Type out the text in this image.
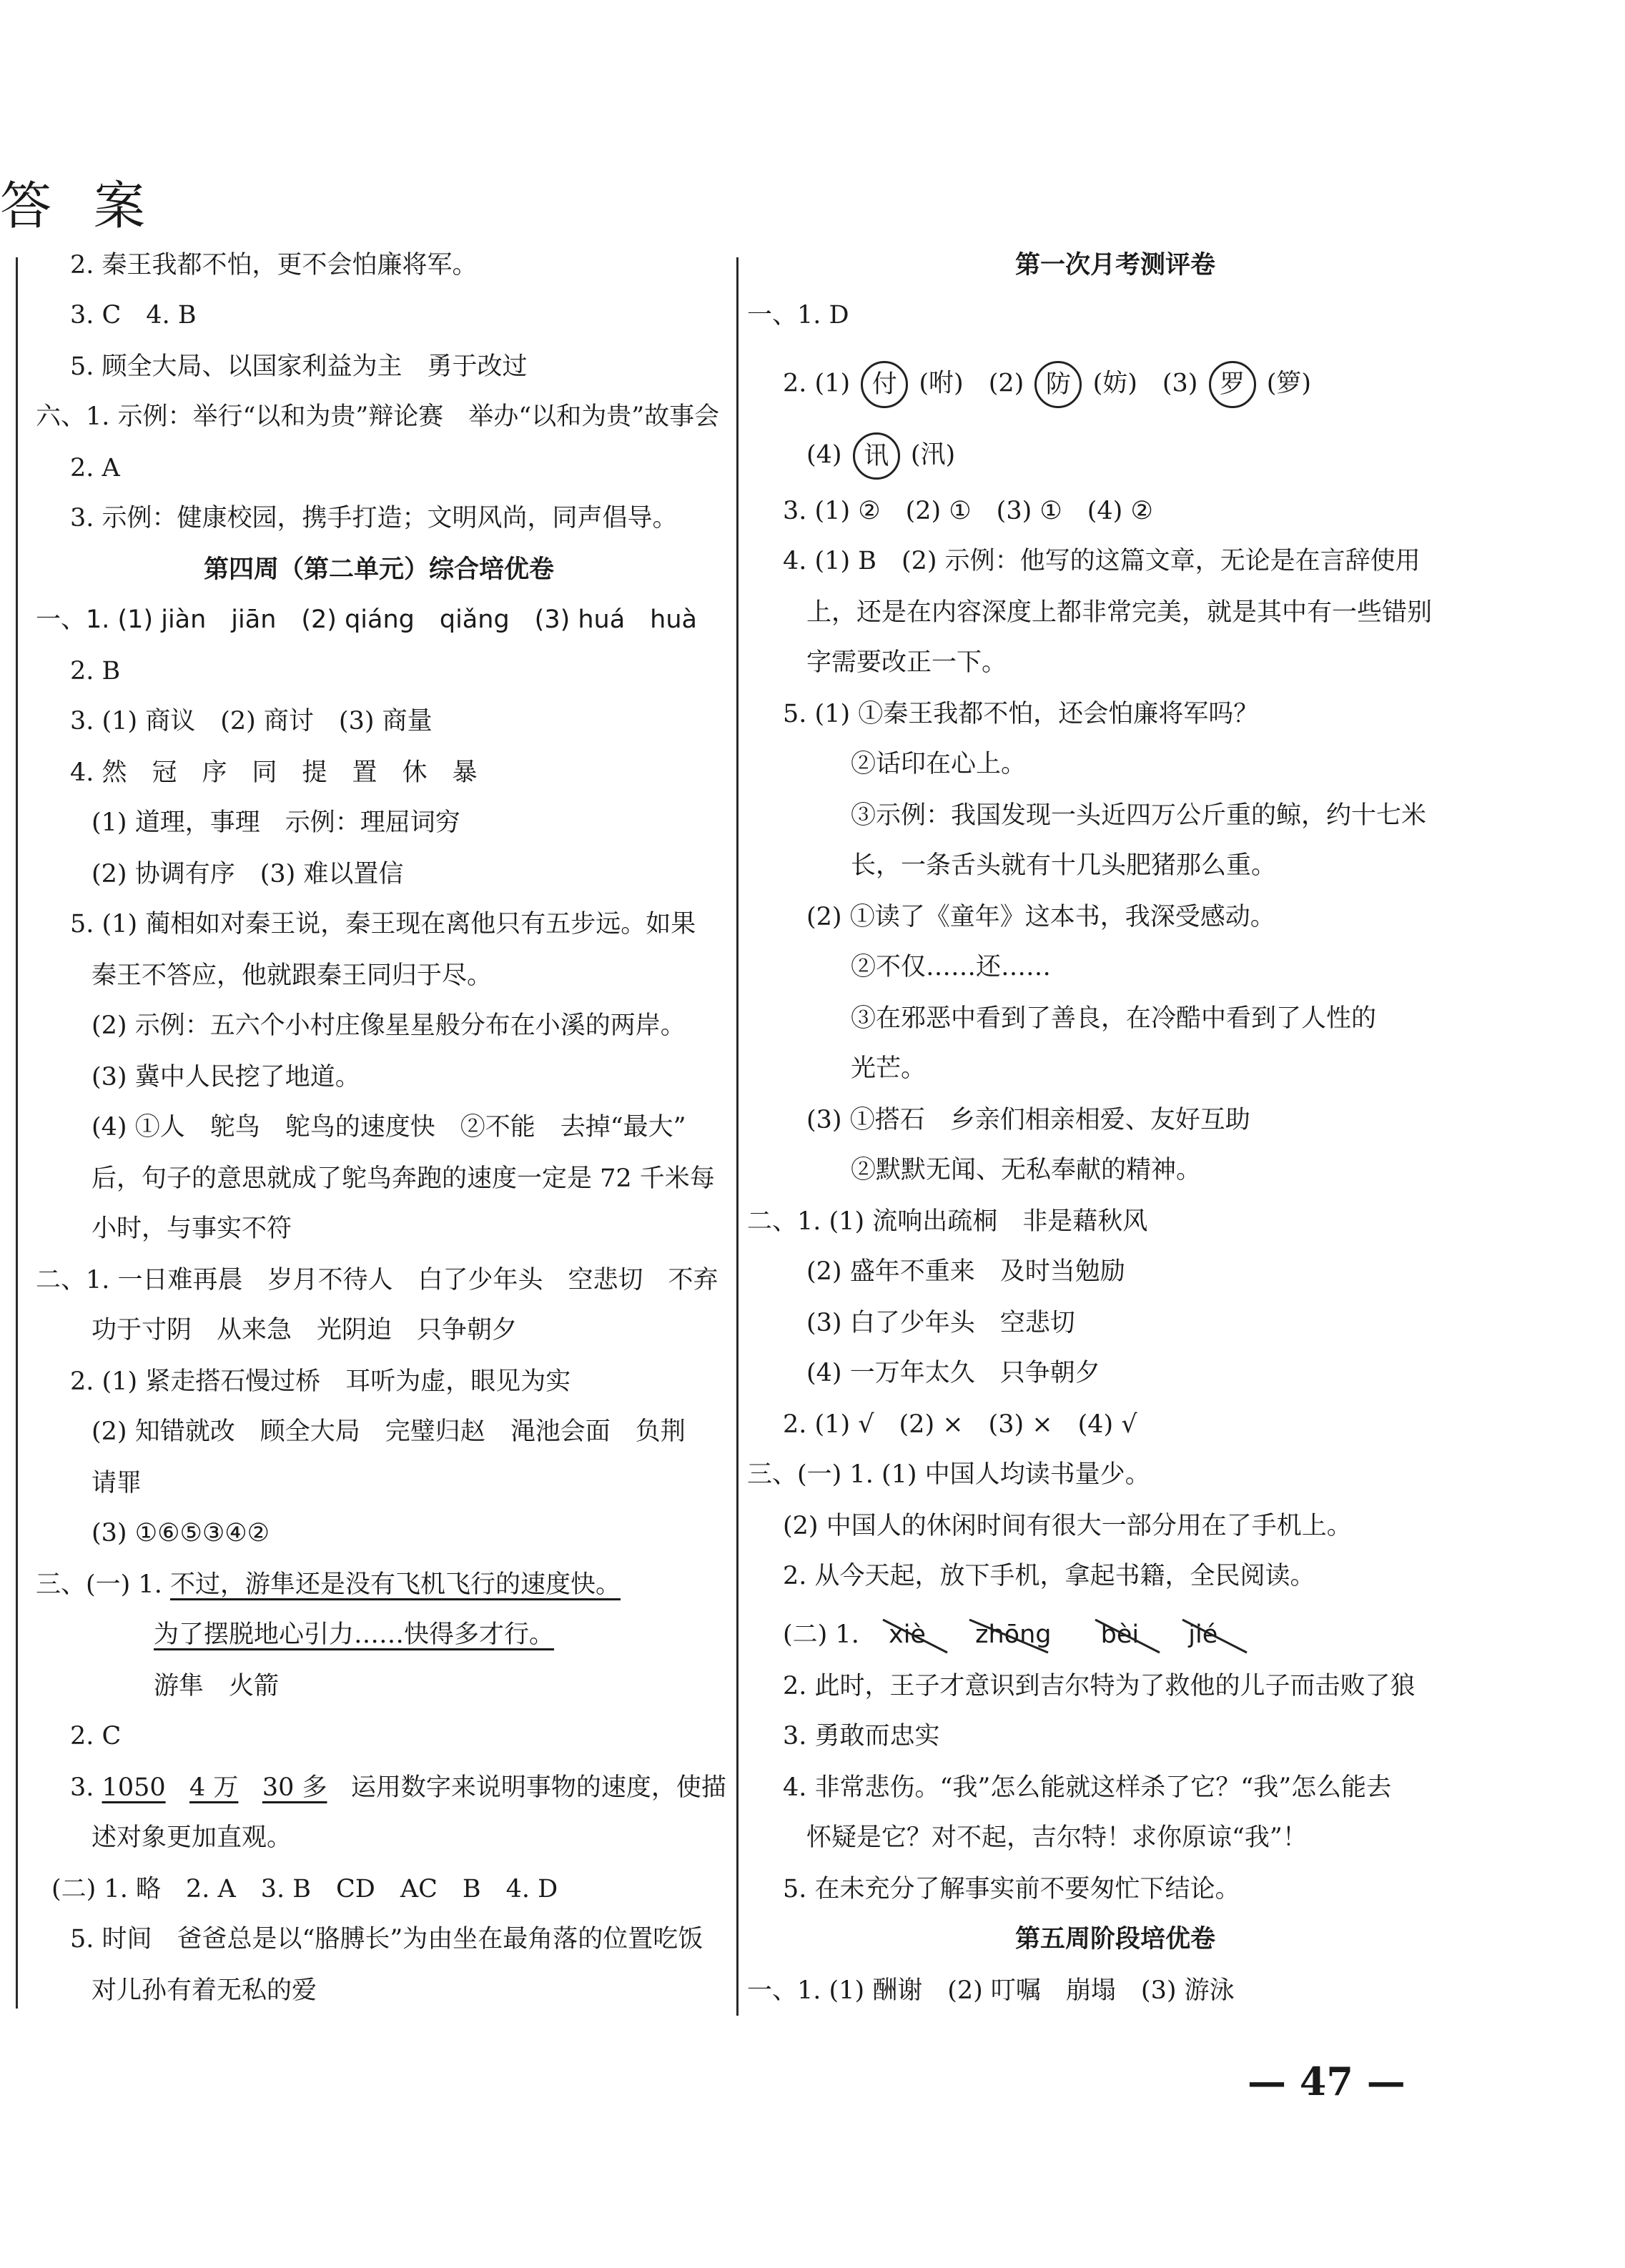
答 案
2. 秦王我都不怕，更不会怕廉将军。
3. C　4. B
5. 顾全大局、以国家利益为主　勇于改过
六、1. 示例：举行“以和为贵”辩论赛　举办“以和为贵”故事会
2. A
3. 示例：健康校园，携手打造；文明风尚，同声倡导。
第四周（第二单元）综合培优卷
一、1. (1) jiàn　jiān　(2) qiáng　qiǎng　(3) huá　huà
2. B
3. (1) 商议　(2) 商讨　(3) 商量
4. 然　冠　序　同　提　置　休　暴
(1) 道理，事理　示例：理屈词穷
(2) 协调有序　(3) 难以置信
5. (1) 蔺相如对秦王说，秦王现在离他只有五步远。如果
秦王不答应，他就跟秦王同归于尽。
(2) 示例：五六个小村庄像星星般分布在小溪的两岸。
(3) 冀中人民挖了地道。
(4) ①人　鸵鸟　鸵鸟的速度快　②不能　去掉“最大”
后，句子的意思就成了鸵鸟奔跑的速度一定是 72 千米每
小时，与事实不符
二、1. 一日难再晨　岁月不待人　白了少年头　空悲切　不弃
功于寸阴　从来急　光阴迫　只争朝夕
2. (1) 紧走搭石慢过桥　耳听为虚，眼见为实
(2) 知错就改　顾全大局　完璧归赵　渑池会面　负荆
请罪
(3) ①⑥⑤③④②
三、(一) 1. 不过，游隼还是没有飞机飞行的速度快。
为了摆脱地心引力……快得多才行。
游隼　火箭
2. C
3. 1050 4 万 30 多 运用数字来说明事物的速度，使描
述对象更加直观。
(二) 1. 略　2. A　3. B　CD　AC　B　4. D
5. 时间　爸爸总是以“胳膊长”为由坐在最角落的位置吃饭
对儿孙有着无私的爱
第一次月考测评卷
一、1. D
2. (1) 付 (咐)　(2) 防 (妨)　(3) 罗 (箩)
(4) 讯 (汛)
3. (1) ②　(2) ①　(3) ①　(4) ②
4. (1) B　(2) 示例：他写的这篇文章，无论是在言辞使用
上，还是在内容深度上都非常完美，就是其中有一些错别
字需要改正一下。
5. (1) ①秦王我都不怕，还会怕廉将军吗？
②话印在心上。
③示例：我国发现一头近四万公斤重的鲸，约十七米
长，一条舌头就有十几头肥猪那么重。
(2) ①读了《童年》这本书，我深受感动。
②不仅……还……
③在邪恶中看到了善良，在冷酷中看到了人性的
光芒。
(3) ①搭石　乡亲们相亲相爱、友好互助
②默默无闻、无私奉献的精神。
二、1. (1) 流响出疏桐　非是藉秋风
(2) 盛年不重来　及时当勉励
(3) 白了少年头　空悲切
(4) 一万年太久　只争朝夕
2. (1) √　(2) ×　(3) ×　(4) √
三、(一) 1. (1) 中国人均读书量少。
(2) 中国人的休闲时间有很大一部分用在了手机上。
2. 从今天起，放下手机，拿起书籍，全民阅读。
(二) 1. xiè zhōng bèi jié
2. 此时，王子才意识到吉尔特为了救他的儿子而击败了狼
3. 勇敢而忠实
4. 非常悲伤。“我”怎么能就这样杀了它？“我”怎么能去
怀疑是它？对不起，吉尔特！求你原谅“我”！
5. 在未充分了解事实前不要匆忙下结论。
第五周阶段培优卷
一、1. (1) 酬谢　(2) 叮嘱　崩塌　(3) 游泳
— 47 —
